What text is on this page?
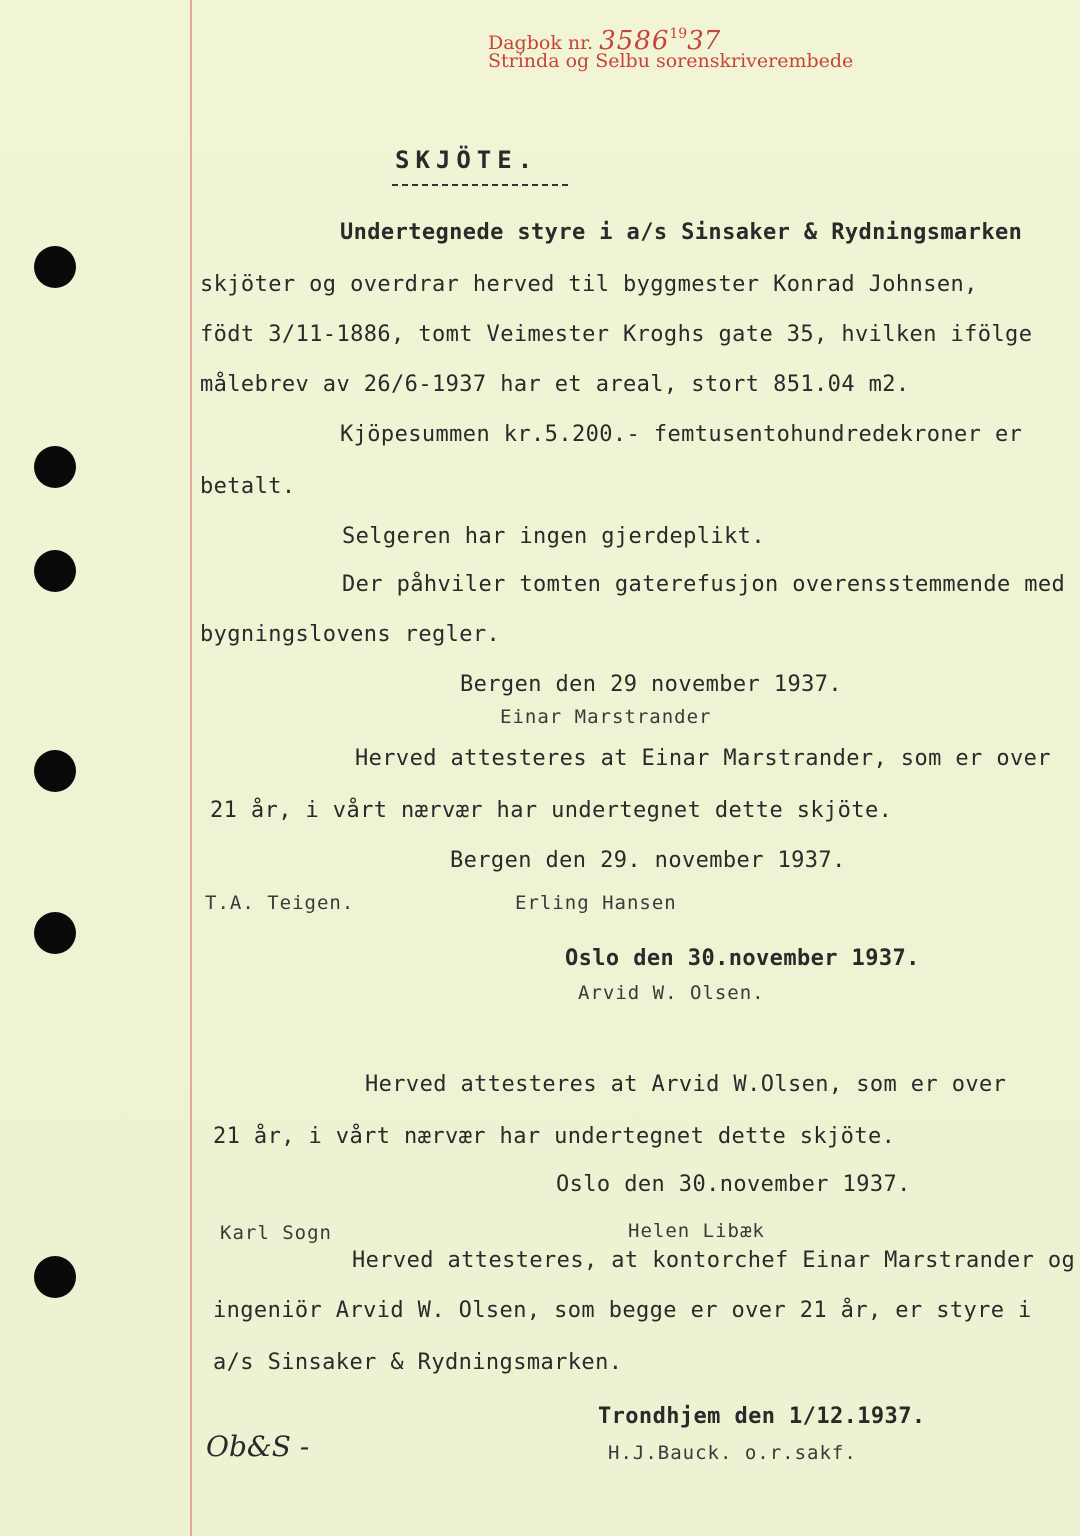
Dagbok nr. 3586$^{19}$37
Strinda og Selbu sorenskriverembede
SKJÖTE.
Undertegnede styre i a/s Sinsaker & Rydningsmarken
skjöter og overdrar herved til byggmester Konrad Johnsen,
födt 3/11-1886, tomt Veimester Kroghs gate 35, hvilken ifölge
målebrev av 26/6-1937 har et areal, stort 851.04 m2.
Kjöpesummen kr.5.200.- femtusentohundredekroner er
betalt.
Selgeren har ingen gjerdeplikt.
Der påhviler tomten gaterefusjon overensstemmende med
bygningslovens regler.
Bergen den 29 november 1937.
Einar Marstrander
Herved attesteres at Einar Marstrander, som er over
21 år, i vårt nærvær har undertegnet dette skjöte.
Bergen den 29. november 1937.
T.A. Teigen.	Erling Hansen
Oslo den 30.november 1937.
Arvid W. Olsen.
Herved attesteres at Arvid W.Olsen, som er over
21 år, i vårt nærvær har undertegnet dette skjöte.
Oslo den 30.november 1937.
Karl Sogn	Helen Libæk
Herved attesteres, at kontorchef Einar Marstrander og
ingeniör Arvid W. Olsen, som begge er over 21 år, er styre i
a/s Sinsaker & Rydningsmarken.
Trondhjem den 1/12.1937.
H.J.Bauck. o.r.sakf.
Ob&S -
